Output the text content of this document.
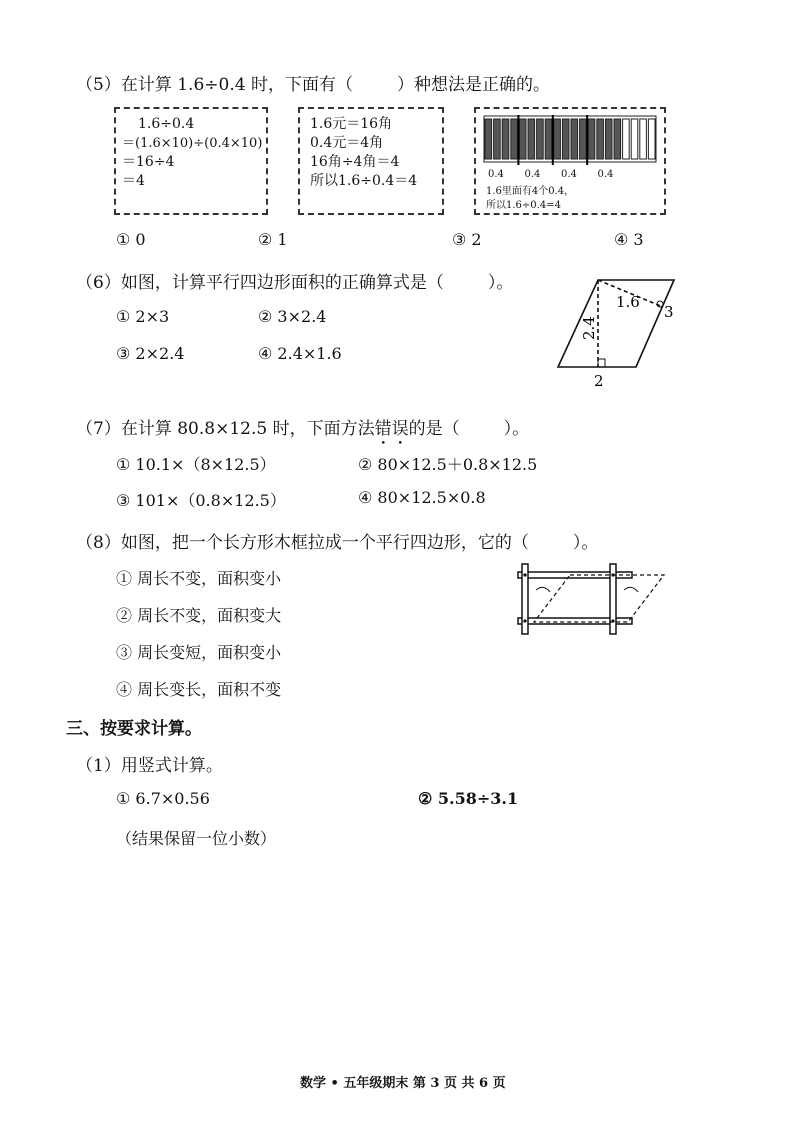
（5）在计算 1.6÷0.4 时，下面有（	）种想法是正确的。
1.6÷0.4
＝(1.6×10)÷(0.4×10)
＝16÷4
＝4
1.6元＝16角
0.4元＝4角
16角÷4角＝4
所以1.6÷0.4＝4	0.4 0.4 0.4 0.4
1.6里面有4个0.4，
所以1.6÷0.4=4
① 0	② 1	③ 2	④ 3
（6）如图，计算平行四边形面积的正确算式是（	）。
① 2×3	② 3×2.4
③ 2×2.4	④ 2.4×1.6
1.6
3
2.4
2
（7）在计算 80.8×12.5 时，下面方法错误的是（	）。
① 10.1×（8×12.5）	② 80×12.5＋0.8×12.5
③ 101×（0.8×12.5）	④ 80×12.5×0.8
（8）如图，把一个长方形木框拉成一个平行四边形，它的（	）。
① 周长不变，面积变小
② 周长不变，面积变大
③ 周长变短，面积变小
④ 周长变长，面积不变
三、按要求计算。
（1）用竖式计算。
① 6.7×0.56	② 5.58÷3.1
（结果保留一位小数）
数学 • 五年级期末 第 3 页 共 6 页
